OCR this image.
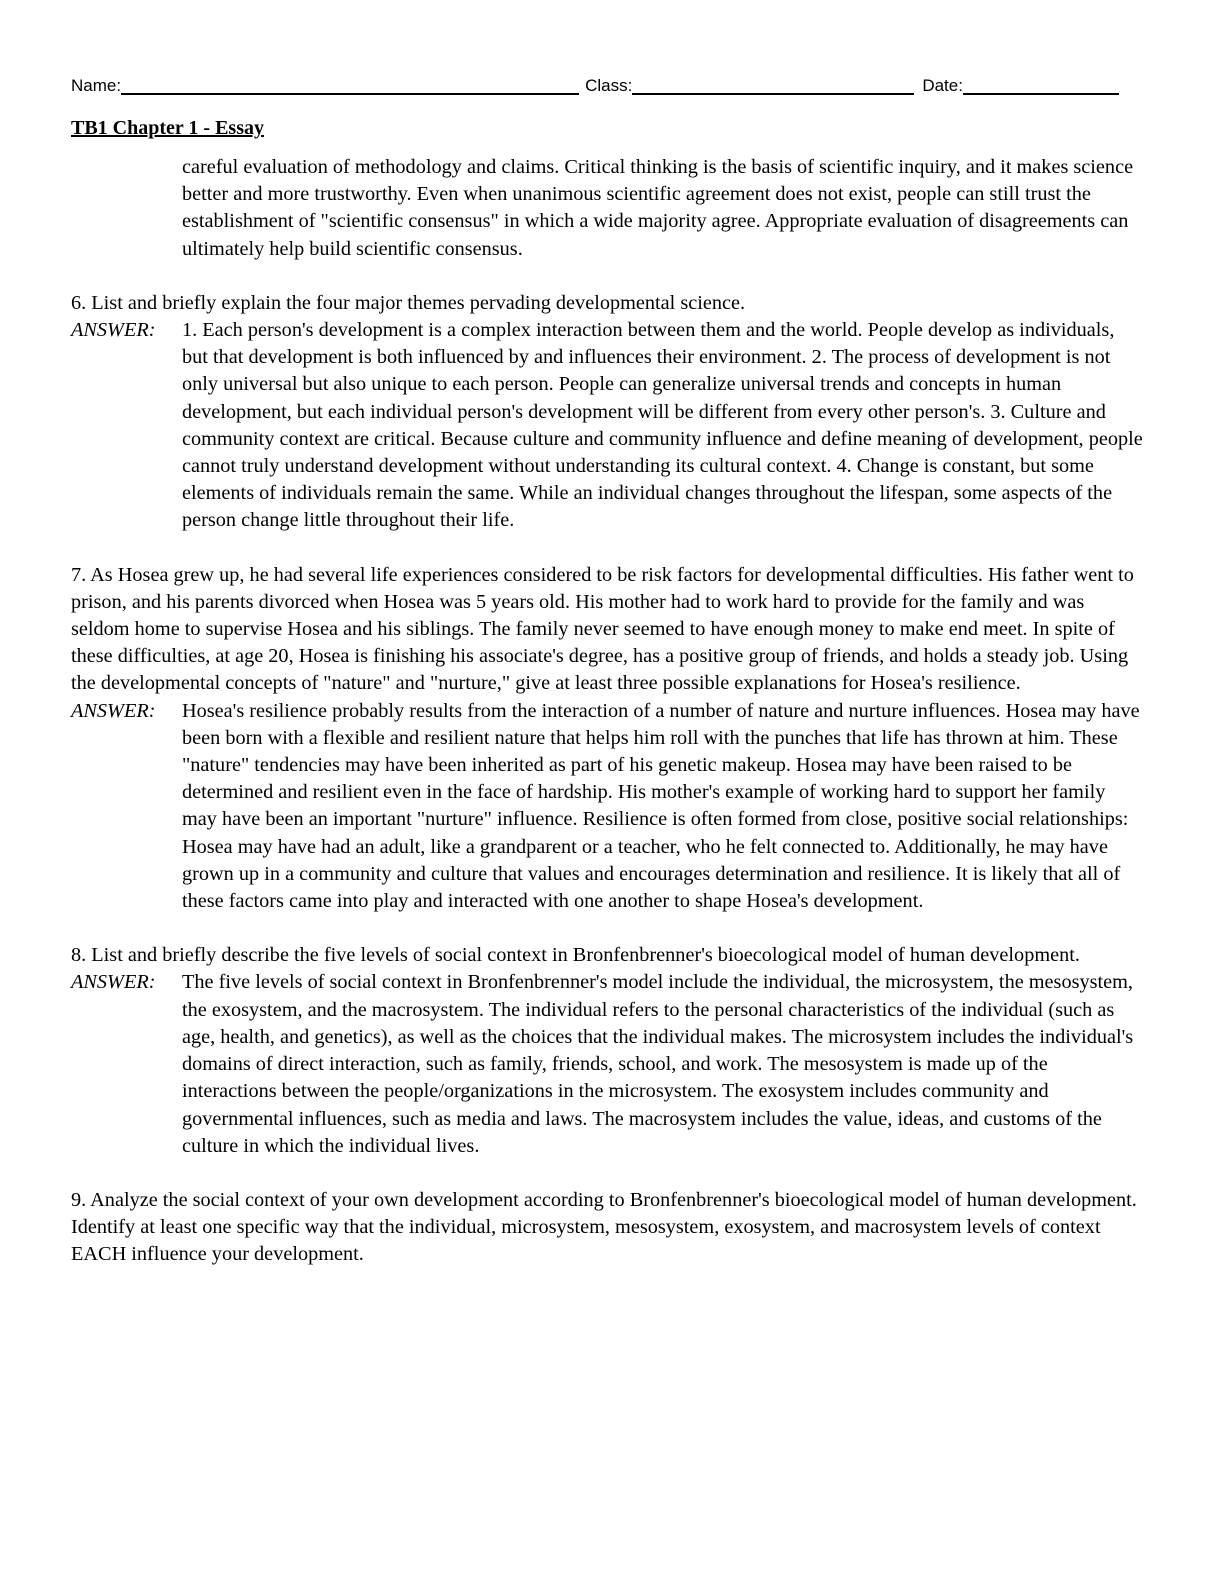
Name:	Class:	Date:
TB1 Chapter 1 - Essay

careful evaluation of methodology and claims. Critical thinking is the basis of scientific inquiry, and it makes science better and more trustworthy. Even when unanimous scientific agreement does not exist, people can still trust the establishment of "scientific consensus" in which a wide majority agree. Appropriate evaluation of disagreements can ultimately help build scientific consensus.

6. List and briefly explain the four major themes pervading developmental science.

ANSWER: 1. Each person's development is a complex interaction between them and the world. People develop as individuals, but that development is both influenced by and influences their environment. 2. The process of development is not only universal but also unique to each person. People can generalize universal trends and concepts in human development, but each individual person's development will be different from every other person's. 3. Culture and community context are critical. Because culture and community influence and define meaning of development, people cannot truly understand development without understanding its cultural context. 4. Change is constant, but some elements of individuals remain the same. While an individual changes throughout the lifespan, some aspects of the person change little throughout their life.

7. As Hosea grew up, he had several life experiences considered to be risk factors for developmental difficulties. His father went to prison, and his parents divorced when Hosea was 5 years old. His mother had to work hard to provide for the family and was seldom home to supervise Hosea and his siblings. The family never seemed to have enough money to make end meet. In spite of these difficulties, at age 20, Hosea is finishing his associate's degree, has a positive group of friends, and holds a steady job. Using the developmental concepts of "nature" and "nurture," give at least three possible explanations for Hosea's resilience.

ANSWER: Hosea's resilience probably results from the interaction of a number of nature and nurture influences. Hosea may have been born with a flexible and resilient nature that helps him roll with the punches that life has thrown at him. These "nature" tendencies may have been inherited as part of his genetic makeup. Hosea may have been raised to be determined and resilient even in the face of hardship. His mother's example of working hard to support her family may have been an important "nurture" influence. Resilience is often formed from close, positive social relationships: Hosea may have had an adult, like a grandparent or a teacher, who he felt connected to. Additionally, he may have grown up in a community and culture that values and encourages determination and resilience. It is likely that all of these factors came into play and interacted with one another to shape Hosea's development.

8. List and briefly describe the five levels of social context in Bronfenbrenner's bioecological model of human development.

ANSWER: The five levels of social context in Bronfenbrenner's model include the individual, the microsystem, the mesosystem, the exosystem, and the macrosystem. The individual refers to the personal characteristics of the individual (such as age, health, and genetics), as well as the choices that the individual makes. The microsystem includes the individual's domains of direct interaction, such as family, friends, school, and work. The mesosystem is made up of the interactions between the people/organizations in the microsystem. The exosystem includes community and governmental influences, such as media and laws. The macrosystem includes the value, ideas, and customs of the culture in which the individual lives.

9. Analyze the social context of your own development according to Bronfenbrenner's bioecological model of human development. Identify at least one specific way that the individual, microsystem, mesosystem, exosystem, and macrosystem levels of context EACH influence your development.
